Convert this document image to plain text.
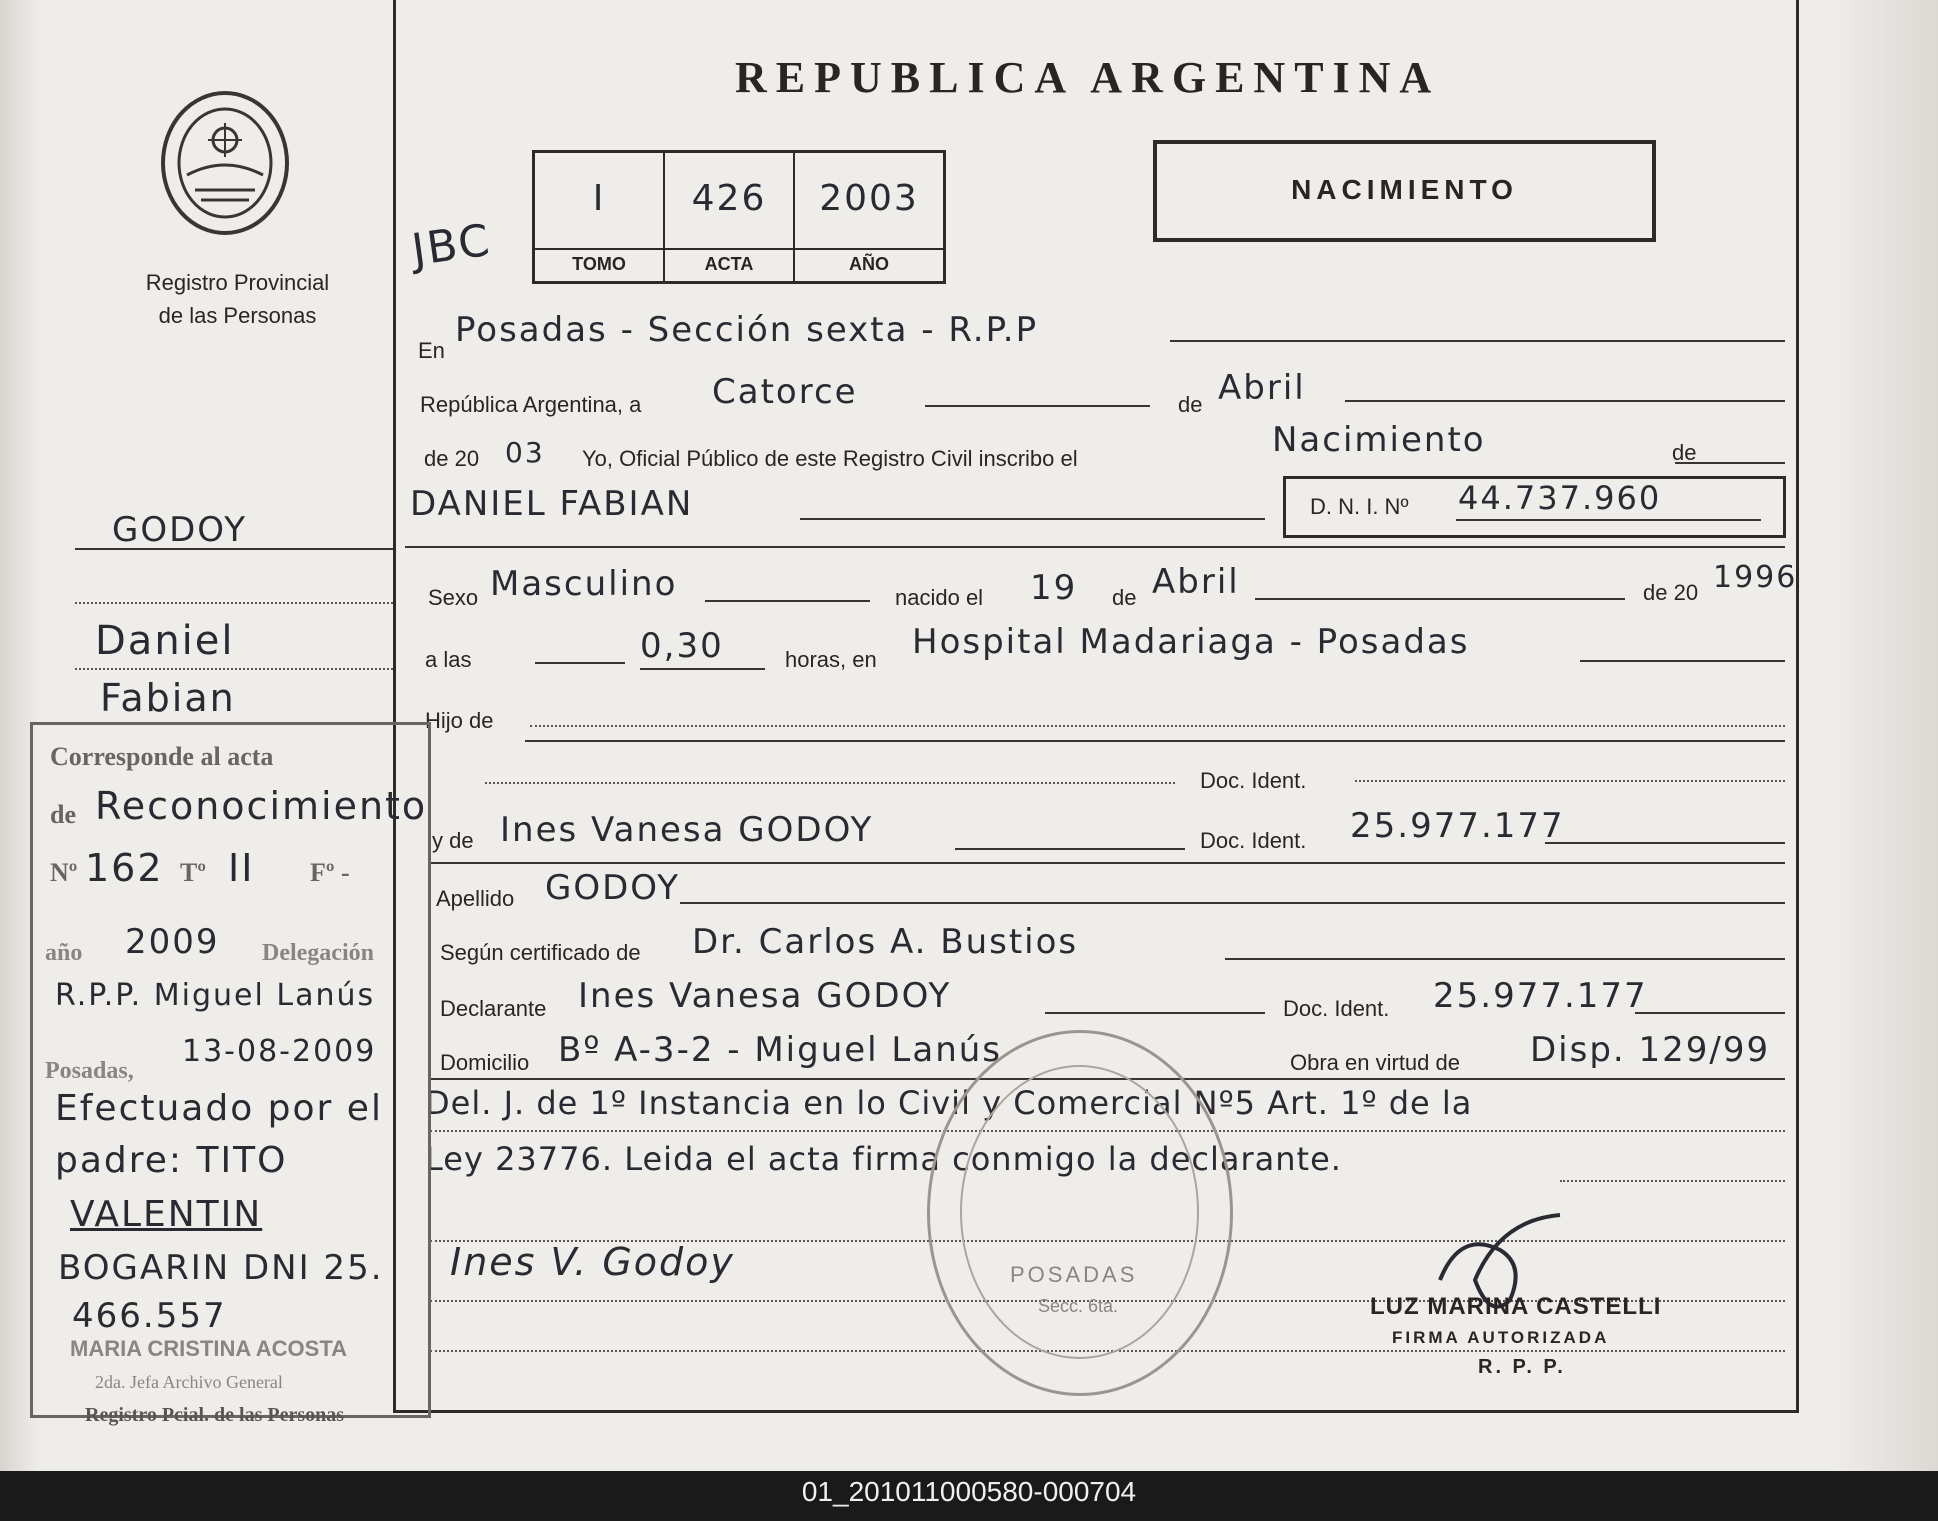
REPUBLICA ARGENTINA
Registro Provincial
de las Personas
JBC
I
TOMO
426
ACTA
2003
AÑO
NACIMIENTO
En
Posadas - Sección sexta - R.P.P
República Argentina, a Catorce	de Abril
de 20 03 Yo, Oficial Público de este Registro Civil inscribo el	Nacimiento	de
DANIEL FABIAN	D. N. I. Nº 44.737.960
Sexo Masculino	nacido el 19 de Abril	de 20 1996
a las	0,30	horas, en Hospital Madariaga - Posadas
Hijo de
Doc. Ident.
y de Ines Vanesa GODOY	Doc. Ident. 25.977.177
Apellido GODOY
Según certificado de Dr. Carlos A. Bustios
Declarante Ines Vanesa GODOY	Doc. Ident. 25.977.177
Domicilio Bº A-3-2 - Miguel Lanús	Obra en virtud de Disp. 129/99
Del. J. de 1º Instancia en lo Civil y Comercial Nº5 Art. 1º de la
Ley 23776. Leida el acta firma conmigo la declarante.
Ines V. Godoy	POSADAS
Secc. 6ta.	LUZ MARINA CASTELLI
FIRMA AUTORIZADA
R. P. P.
GODOY
Daniel
Fabian
Corresponde al acta
de Reconocimiento
Nº 162 Tº II Fº -
año 2009 Delegación
R.P.P. Miguel Lanús
Posadas,
13-08-2009
Efectuado por el
padre: TITO
VALENTIN
BOGARIN DNI 25.
466.557
MARIA CRISTINA ACOSTA
2da. Jefa Archivo General
Registro Pcial. de las Personas
01_201011000580-000704
